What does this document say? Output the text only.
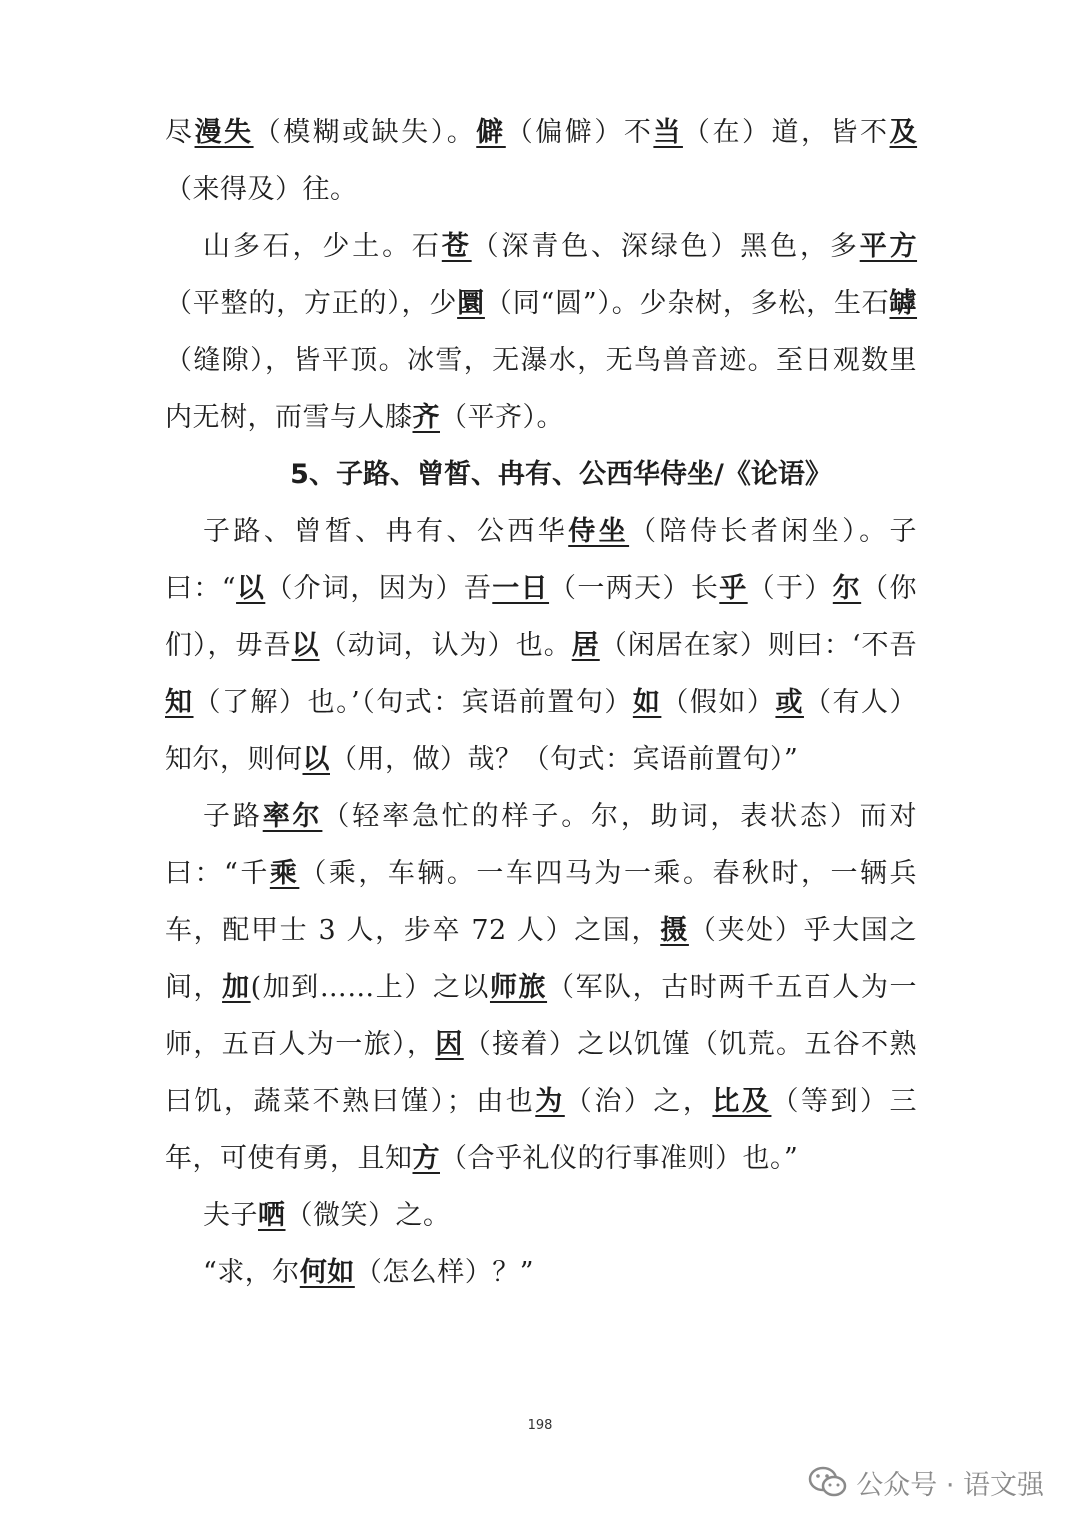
尽漫失（模糊或缺失）。僻（偏僻）不当（在）道，皆不及（来得及）往。

山多石，少土。石苍（深青色、深绿色）黑色，多平方（平整的，方正的），少圜（同“圆”）。少杂树，多松，生石罅（缝隙），皆平顶。冰雪，无瀑水，无鸟兽音迹。至日观数里内无树，而雪与人膝齐（平齐）。

5、子路、曾皙、冉有、公西华侍坐/《论语》

子路、曾皙、冉有、公西华侍坐（陪侍长者闲坐）。子曰：“以（介词，因为）吾一日（一两天）长乎（于）尔（你们），毋吾以（动词，认为）也。居（闲居在家）则曰：‘不吾知（了解）也。’（句式：宾语前置句）如（假如）或（有人）知尔，则何以（用，做）哉？（句式：宾语前置句）”

子路率尔（轻率急忙的样子。尔，助词，表状态）而对曰：“千乘（乘，车辆。一车四马为一乘。春秋时，一辆兵车，配甲士 3 人，步卒 72 人）之国，摄（夹处）乎大国之间，加(加到……上）之以师旅（军队，古时两千五百人为一师，五百人为一旅），因（接着）之以饥馑（饥荒。五谷不熟曰饥，蔬菜不熟曰馑）；由也为（治）之，比及（等到）三年，可使有勇，且知方（合乎礼仪的行事准则）也。”

夫子哂（微笑）之。

“求，尔何如（怎么样）？”

198
公众号 · 语文强
